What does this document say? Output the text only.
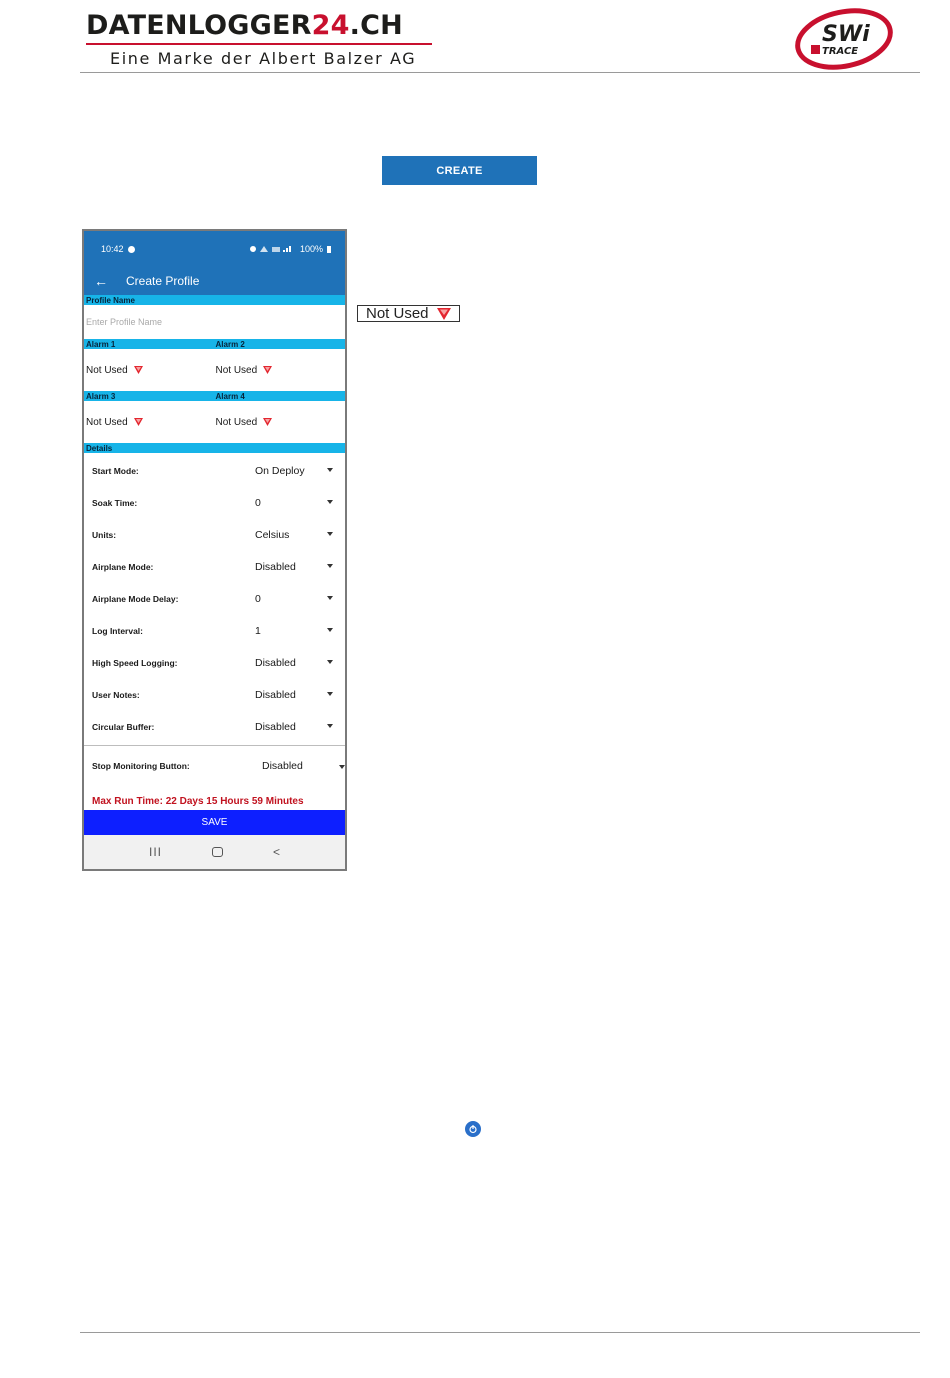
DATENLOGGER24.CH
Eine Marke der Albert Balzer AG
SWi
TRACE
CREATE
10:42	100%
← Create Profile
Profile Name
Enter Profile Name
Alarm 1	Alarm 2
Not Used	Not Used
Alarm 3	Alarm 4
Not Used	Not Used
Details
Start Mode:	On Deploy
Soak Time:	0
Units:	Celsius
Airplane Mode:	Disabled
Airplane Mode Delay:	0
Log Interval:	1
High Speed Logging:	Disabled
User Notes:	Disabled
Circular Buffer:	Disabled
Stop Monitoring Button:	Disabled
Max Run Time: 22 Days 15 Hours 59 Minutes
SAVE
III	<
Not Used
